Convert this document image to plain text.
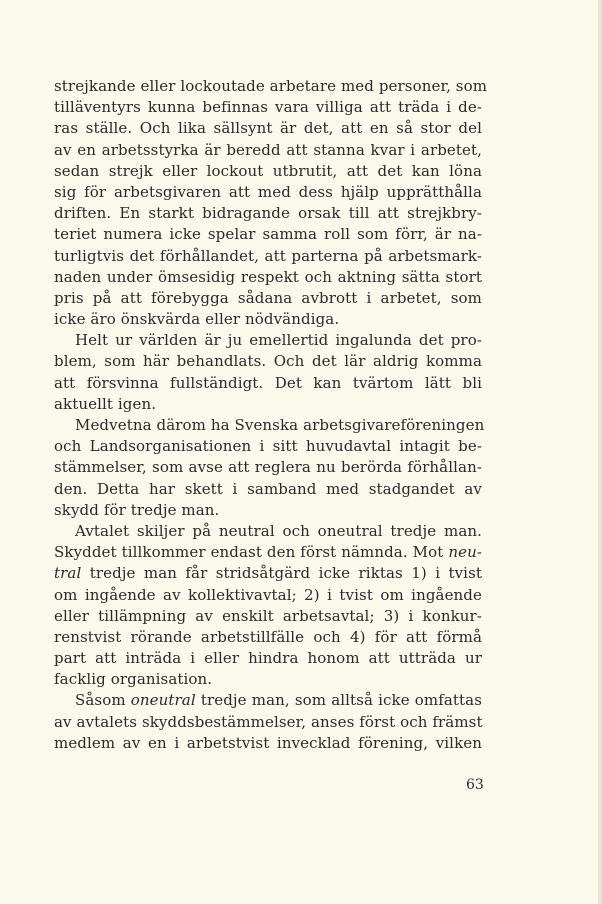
strejkande eller lockoutade arbetare med personer, som
tilläventyrs kunna befinnas vara villiga att träda i de-
ras ställe. Och lika sällsynt är det, att en så stor del
av en arbetsstyrka är beredd att stanna kvar i arbetet,
sedan strejk eller lockout utbrutit, att det kan löna
sig för arbetsgivaren att med dess hjälp upprätthålla
driften. En starkt bidragande orsak till att strejkbry-
teriet numera icke spelar samma roll som förr, är na-
turligtvis det förhållandet, att parterna på arbetsmark-
naden under ömsesidig respekt och aktning sätta stort
pris på att förebygga sådana avbrott i arbetet, som
icke äro önskvärda eller nödvändiga.
Helt ur världen är ju emellertid ingalunda det pro-
blem, som här behandlats. Och det lär aldrig komma
att försvinna fullständigt. Det kan tvärtom lätt bli
aktuellt igen.
Medvetna därom ha Svenska arbetsgivareföreningen
och Landsorganisationen i sitt huvudavtal intagit be-
stämmelser, som avse att reglera nu berörda förhållan-
den. Detta har skett i samband med stadgandet av
skydd för tredje man.
Avtalet skiljer på neutral och oneutral tredje man.
Skyddet tillkommer endast den först nämnda. Mot neu-
tral tredje man får stridsåtgärd icke riktas 1) i tvist
om ingående av kollektivavtal; 2) i tvist om ingående
eller tillämpning av enskilt arbetsavtal; 3) i konkur-
renstvist rörande arbetstillfälle och 4) för att förmå
part att inträda i eller hindra honom att utträda ur
facklig organisation.
Såsom oneutral tredje man, som alltså icke omfattas
av avtalets skyddsbestämmelser, anses först och främst
medlem av en i arbetstvist invecklad förening, vilken
63
